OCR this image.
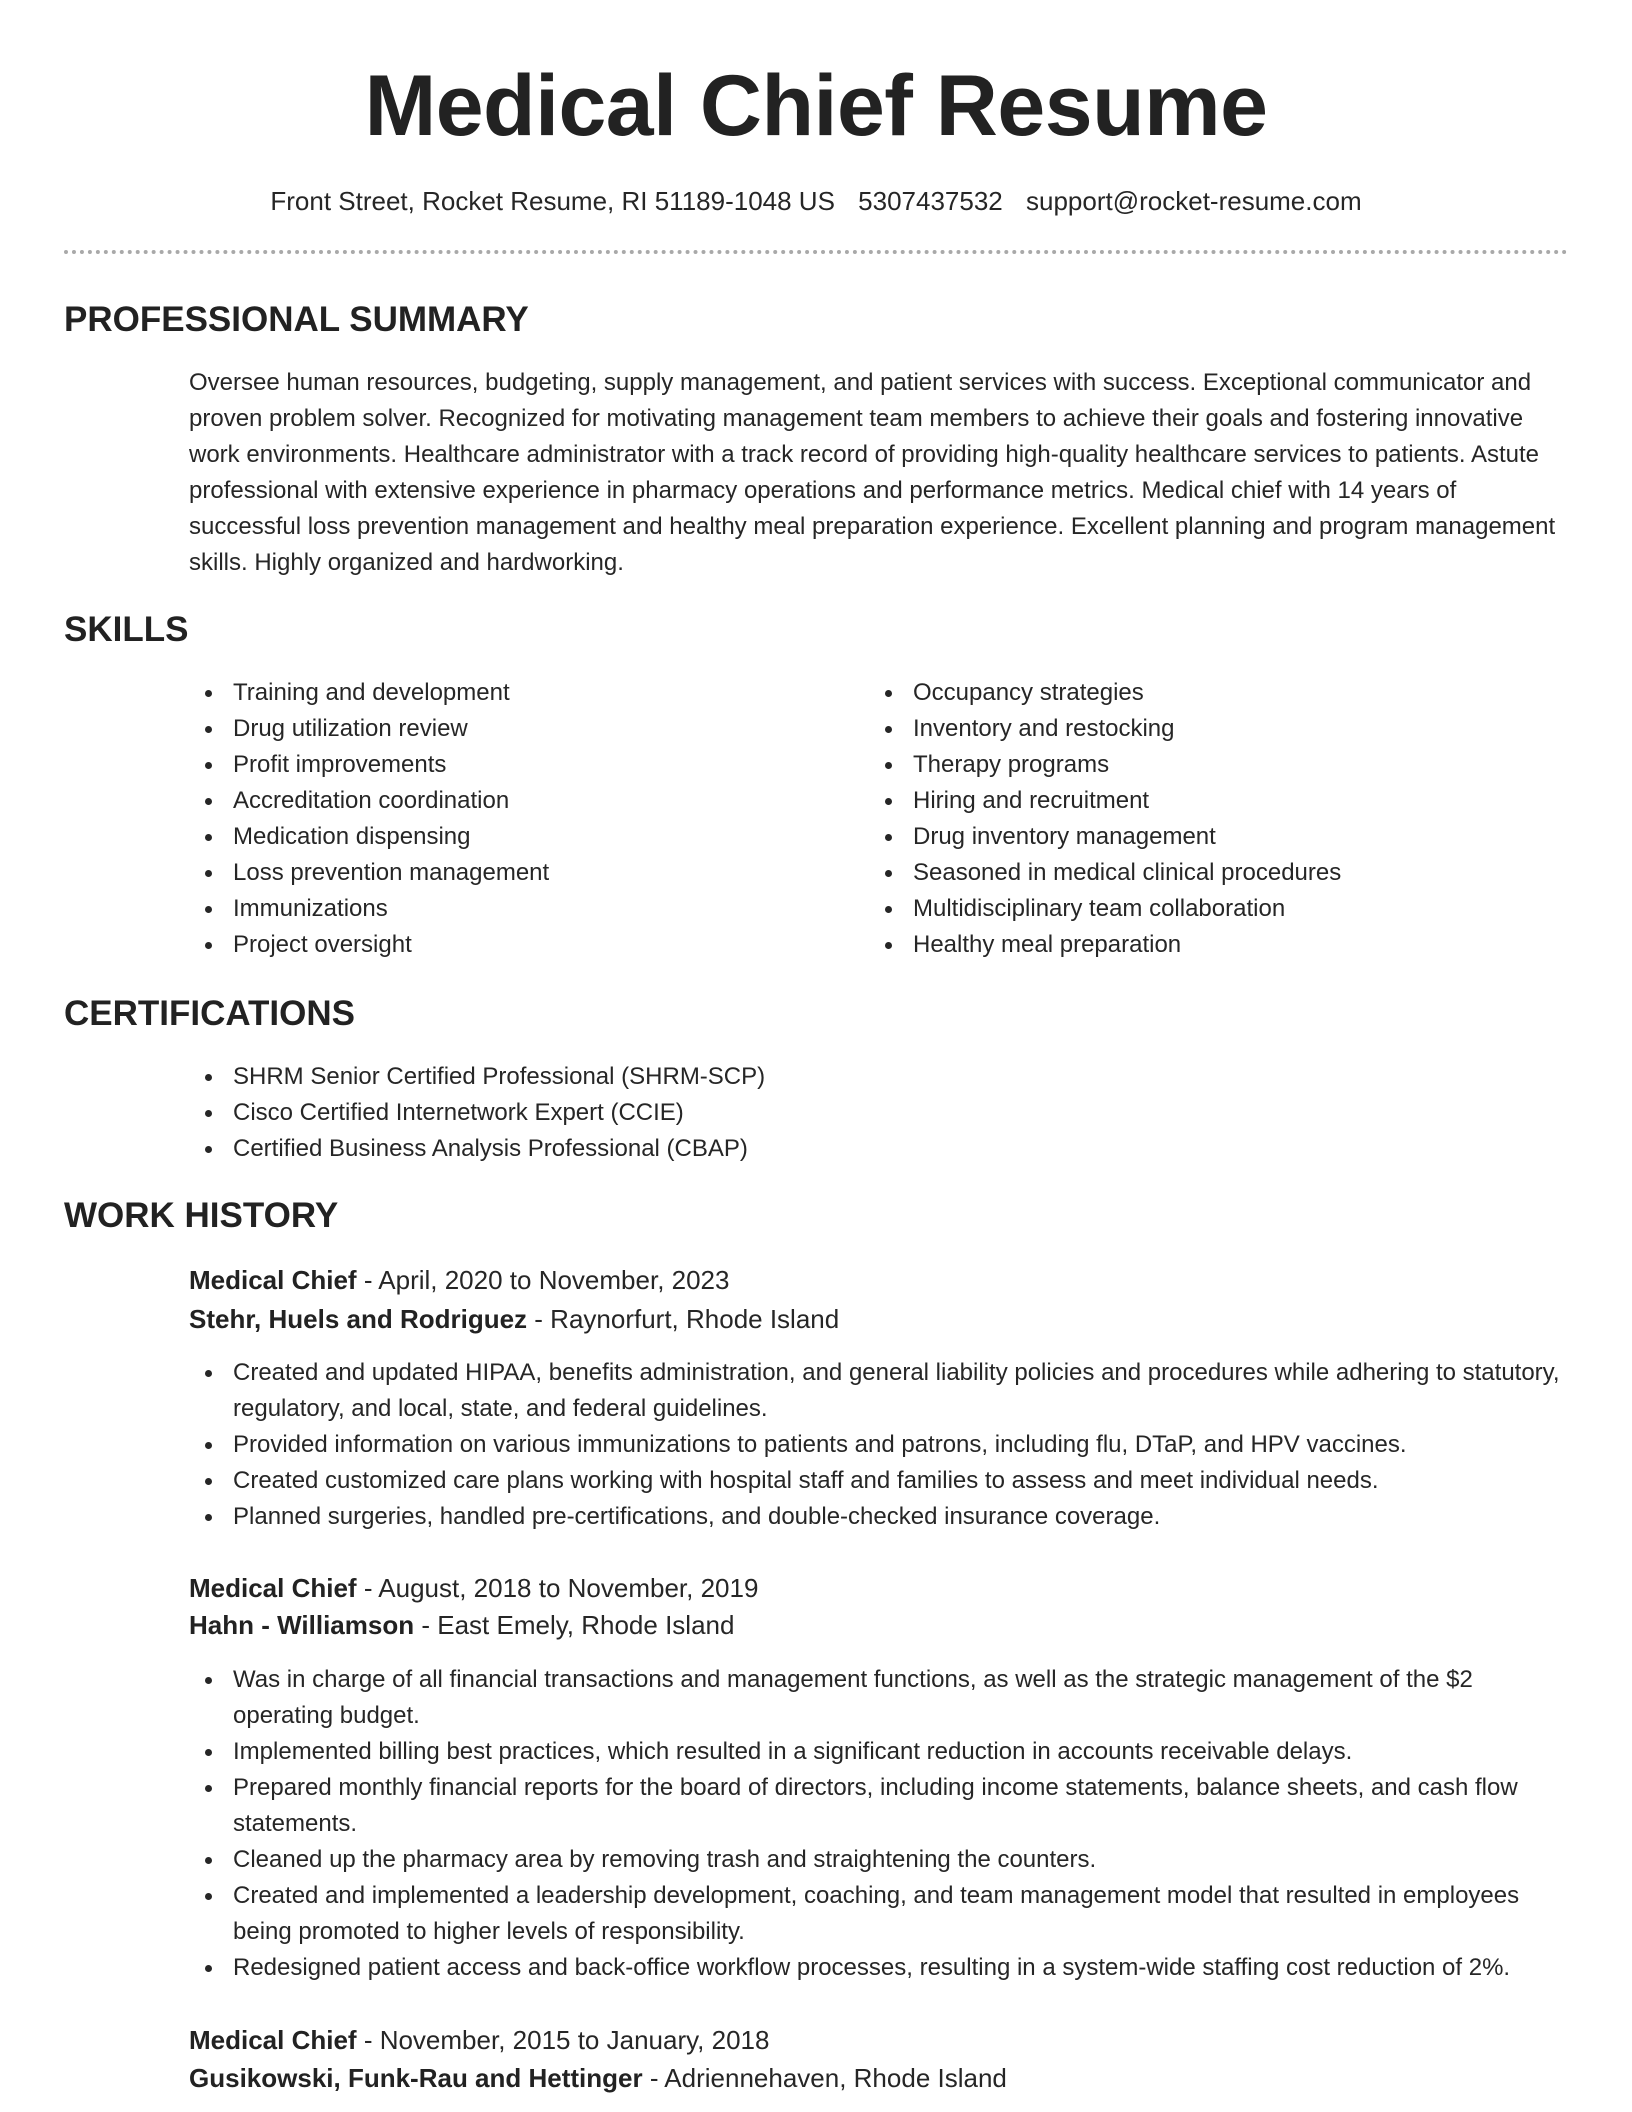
Medical Chief Resume
Front Street, Rocket Resume, RI 51189-1048 US 5307437532 support@rocket-resume.com
PROFESSIONAL SUMMARY

Oversee human resources, budgeting, supply management, and patient services with success. Exceptional communicator and proven problem solver. Recognized for motivating management team members to achieve their goals and fostering innovative work environments. Healthcare administrator with a track record of providing high-quality healthcare services to patients. Astute professional with extensive experience in pharmacy operations and performance metrics. Medical chief with 14 years of successful loss prevention management and healthy meal preparation experience. Excellent planning and program management skills. Highly organized and hardworking.

SKILLS
Training and development
Drug utilization review
Profit improvements
Accreditation coordination
Medication dispensing
Loss prevention management
Immunizations
Project oversight
Occupancy strategies
Inventory and restocking
Therapy programs
Hiring and recruitment
Drug inventory management
Seasoned in medical clinical procedures
Multidisciplinary team collaboration
Healthy meal preparation
CERTIFICATIONS
SHRM Senior Certified Professional (SHRM-SCP)
Cisco Certified Internetwork Expert (CCIE)
Certified Business Analysis Professional (CBAP)
WORK HISTORY
Medical Chief - April, 2020 to November, 2023
Stehr, Huels and Rodriguez - Raynorfurt, Rhode Island
Created and updated HIPAA, benefits administration, and general liability policies and procedures while adhering to statutory, regulatory, and local, state, and federal guidelines.
Provided information on various immunizations to patients and patrons, including flu, DTaP, and HPV vaccines.
Created customized care plans working with hospital staff and families to assess and meet individual needs.
Planned surgeries, handled pre-certifications, and double-checked insurance coverage.
Medical Chief - August, 2018 to November, 2019
Hahn - Williamson - East Emely, Rhode Island
Was in charge of all financial transactions and management functions, as well as the strategic management of the $2 operating budget.
Implemented billing best practices, which resulted in a significant reduction in accounts receivable delays.
Prepared monthly financial reports for the board of directors, including income statements, balance sheets, and cash flow statements.
Cleaned up the pharmacy area by removing trash and straightening the counters.
Created and implemented a leadership development, coaching, and team management model that resulted in employees being promoted to higher levels of responsibility.
Redesigned patient access and back-office workflow processes, resulting in a system-wide staffing cost reduction of 2%.
Medical Chief - November, 2015 to January, 2018
Gusikowski, Funk-Rau and Hettinger - Adriennehaven, Rhode Island
